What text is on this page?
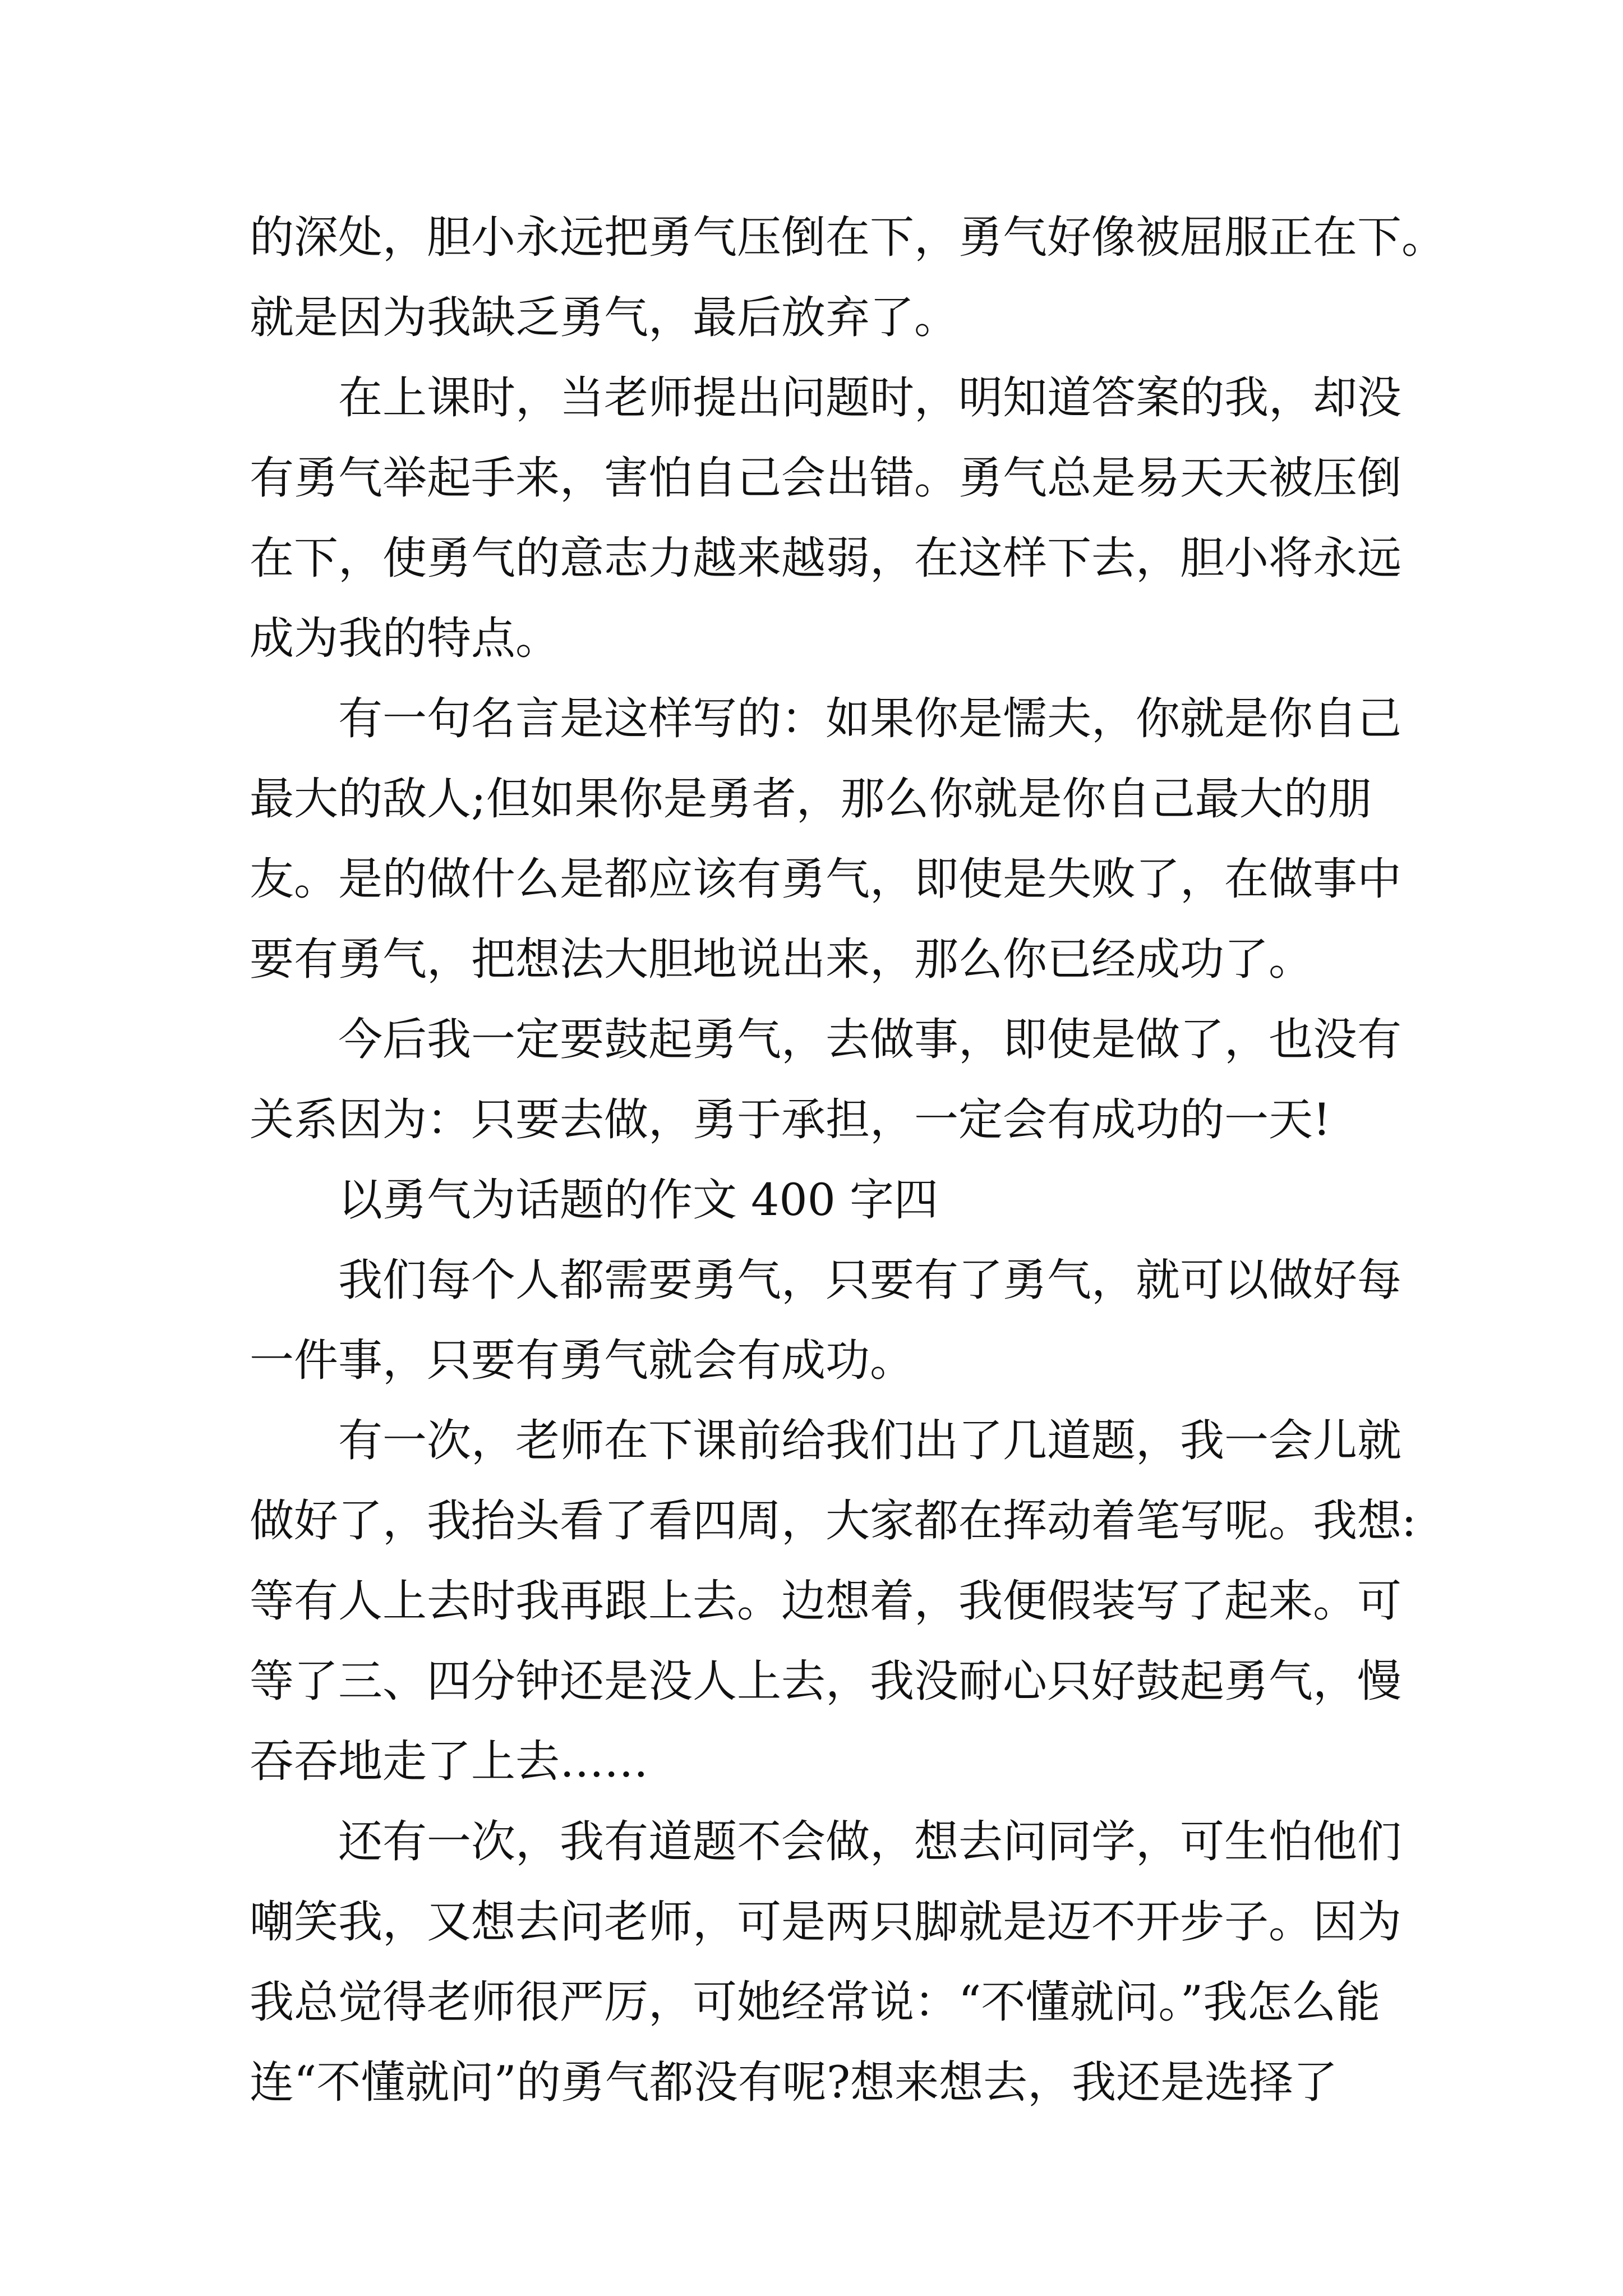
的深处，胆小永远把勇气压倒在下，勇气好像被屈服正在下。
就是因为我缺乏勇气，最后放弃了。
在上课时，当老师提出问题时，明知道答案的我，却没
有勇气举起手来，害怕自己会出错。勇气总是易天天被压倒
在下，使勇气的意志力越来越弱，在这样下去，胆小将永远
成为我的特点。
有一句名言是这样写的：如果你是懦夫，你就是你自己
最大的敌人;但如果你是勇者，那么你就是你自己最大的朋
友。是的做什么是都应该有勇气，即使是失败了，在做事中
要有勇气，把想法大胆地说出来，那么你已经成功了。
今后我一定要鼓起勇气，去做事，即使是做了，也没有
关系因为：只要去做，勇于承担，一定会有成功的一天!
以勇气为话题的作文 400 字四
我们每个人都需要勇气，只要有了勇气，就可以做好每
一件事，只要有勇气就会有成功。
有一次，老师在下课前给我们出了几道题，我一会儿就
做好了，我抬头看了看四周，大家都在挥动着笔写呢。我想:
等有人上去时我再跟上去。边想着，我便假装写了起来。可
等了三、四分钟还是没人上去，我没耐心只好鼓起勇气，慢
吞吞地走了上去……
还有一次，我有道题不会做，想去问同学，可生怕他们
嘲笑我，又想去问老师，可是两只脚就是迈不开步子。因为
我总觉得老师很严厉，可她经常说：“不懂就问。”我怎么能
连“不懂就问”的勇气都没有呢?想来想去，我还是选择了
